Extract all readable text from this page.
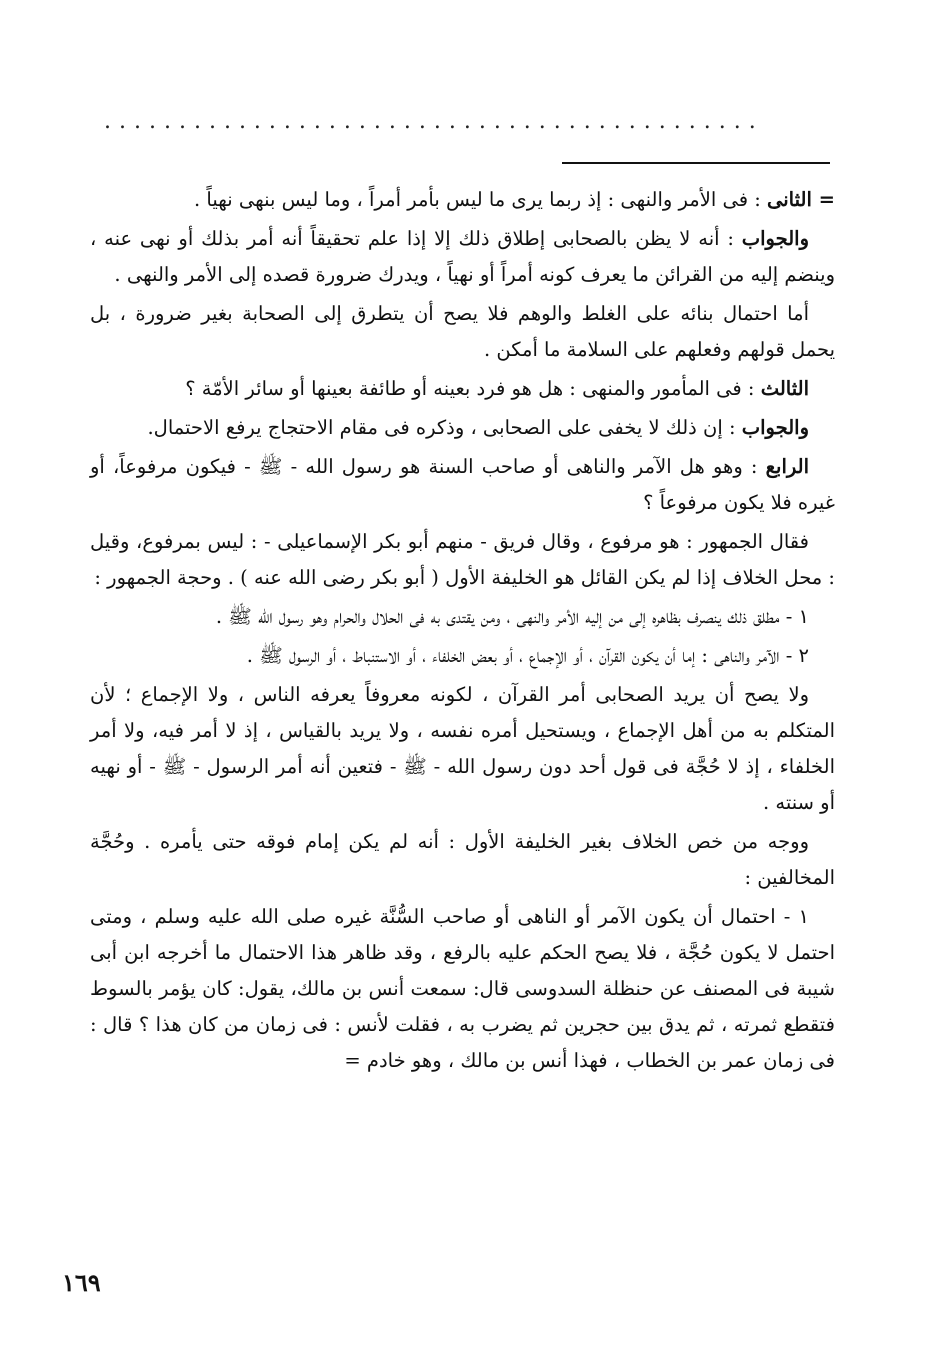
............................................

= الثانى : فى الأمر والنهى : إذ ربما يرى ما ليس بأمر أمراً ، وما ليس بنهى نهياً .

والجواب : أنه لا يظن بالصحابى إطلاق ذلك إلا إذا علم تحقيقاً أنه أمر بذلك أو نهى عنه ، وينضم إليه من القرائن ما يعرف كونه أمراً أو نهياً ، ويدرك ضرورة قصده إلى الأمر والنهى .

أما احتمال بنائه على الغلط والوهم فلا يصح أن يتطرق إلى الصحابة بغير ضرورة ، بل يحمل قولهم وفعلهم على السلامة ما أمكن .

الثالث : فى المأمور والمنهى : هل هو فرد بعينه أو طائفة بعينها أو سائر الأمّة ؟

والجواب : إن ذلك لا يخفى على الصحابى ، وذكره فى مقام الاحتجاج يرفع الاحتمال.

الرابع : وهو هل الآمر والناهى أو صاحب السنة هو رسول الله - ﷺ - فيكون مرفوعاً، أو غيره فلا يكون مرفوعاً ؟

فقال الجمهور : هو مرفوع ، وقال فريق - منهم أبو بكر الإسماعيلى - : ليس بمرفوع، وقيل : محل الخلاف إذا لم يكن القائل هو الخليفة الأول ( أبو بكر رضى الله عنه ) . وحجة الجمهور :

١ - مطلق ذلك ينصرف بظاهره إلى من إليه الأمر والنهى ، ومن يقتدى به فى الحلال والحرام وهو رسول الله ﷺ .

٢ - الآمر والناهى : إما أن يكون القرآن ، أو الإجماع ، أو بعض الخلفاء ، أو الاستنباط ، أو الرسول ﷺ .

ولا يصح أن يريد الصحابى أمر القرآن ، لكونه معروفاً يعرفه الناس ، ولا الإجماع ؛ لأن المتكلم به من أهل الإجماع ، ويستحيل أمره نفسه ، ولا يريد بالقياس ، إذ لا أمر فيه، ولا أمر الخلفاء ، إذ لا حُجَّة فى قول أحد دون رسول الله - ﷺ - فتعين أنه أمر الرسول - ﷺ - أو نهيه أو سنته .

ووجه من خص الخلاف بغير الخليفة الأول : أنه لم يكن إمام فوقه حتى يأمره . وحُجَّة المخالفين :

١ - احتمال أن يكون الآمر أو الناهى أو صاحب السُّنَّة غيره صلى الله عليه وسلم ، ومتى احتمل لا يكون حُجَّة ، فلا يصح الحكم عليه بالرفع ، وقد ظاهر هذا الاحتمال ما أخرجه ابن أبى شيبة فى المصنف عن حنظلة السدوسى قال: سمعت أنس بن مالك، يقول: كان يؤمر بالسوط فتقطع ثمرته ، ثم يدق بين حجرين ثم يضرب به ، فقلت لأنس : فى زمان من كان هذا ؟ قال : فى زمان عمر بن الخطاب ، فهذا أنس بن مالك ، وهو خادم =

١٦٩
